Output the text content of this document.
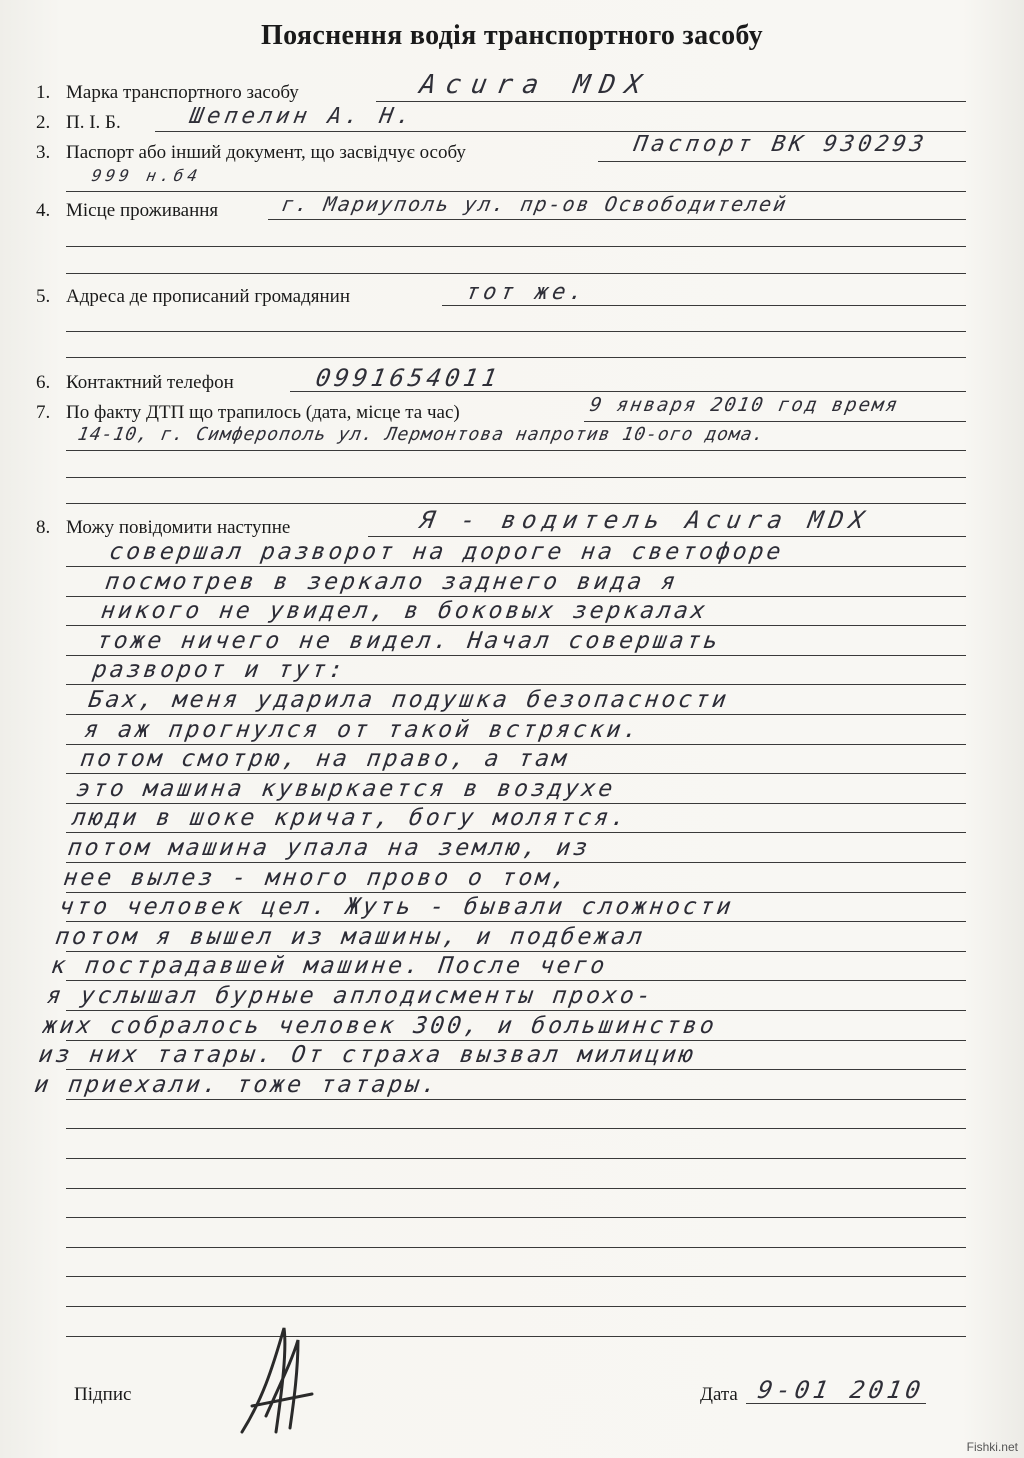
Пояснення водія транспортного засобу
1. Марка транспортного засобу	Acura MDX
2. П. І. Б.	Шепелин А. Н.
3. Паспорт або інший документ, що засвідчує особу	Паспорт ВК 930293
999 н.б4
4. Місце проживання	г. Мариуполь ул. пр-ов Освободителей
5. Адреса де прописаний громадянин	тот же.
6. Контактний телефон	0991654011
7. По факту ДТП що трапилось (дата, місце та час)	9 января 2010 год время
14-10, г. Симферополь ул. Лермонтова напротив 10-ого дома.
8. Можу повідомити наступне	Я - водитель Acura MDX
совершал разворот на дороге на светофоре
посмотрев в зеркало заднего вида я
никого не увидел, в боковых зеркалах
тоже ничего не видел. Начал совершать
разворот и тут:
Бах, меня ударила подушка безопасности
я аж прогнулся от такой встряски.
потом смотрю, на право, а там
это машина кувыркается в воздухе
люди в шоке кричат, богу молятся.
потом машина упала на землю, из
нее вылез - много прово о том,
что человек цел. Жуть - бывали сложности
потом я вышел из машины, и подбежал
к пострадавшей машине. После чего
я услышал бурные аплодисменты прохо-
жих собралось человек 300, и большинство
из них татары. От страха вызвал милицию
и приехали. тоже татары.
Підпис	Дата 9-01 2010
Fishki.net
